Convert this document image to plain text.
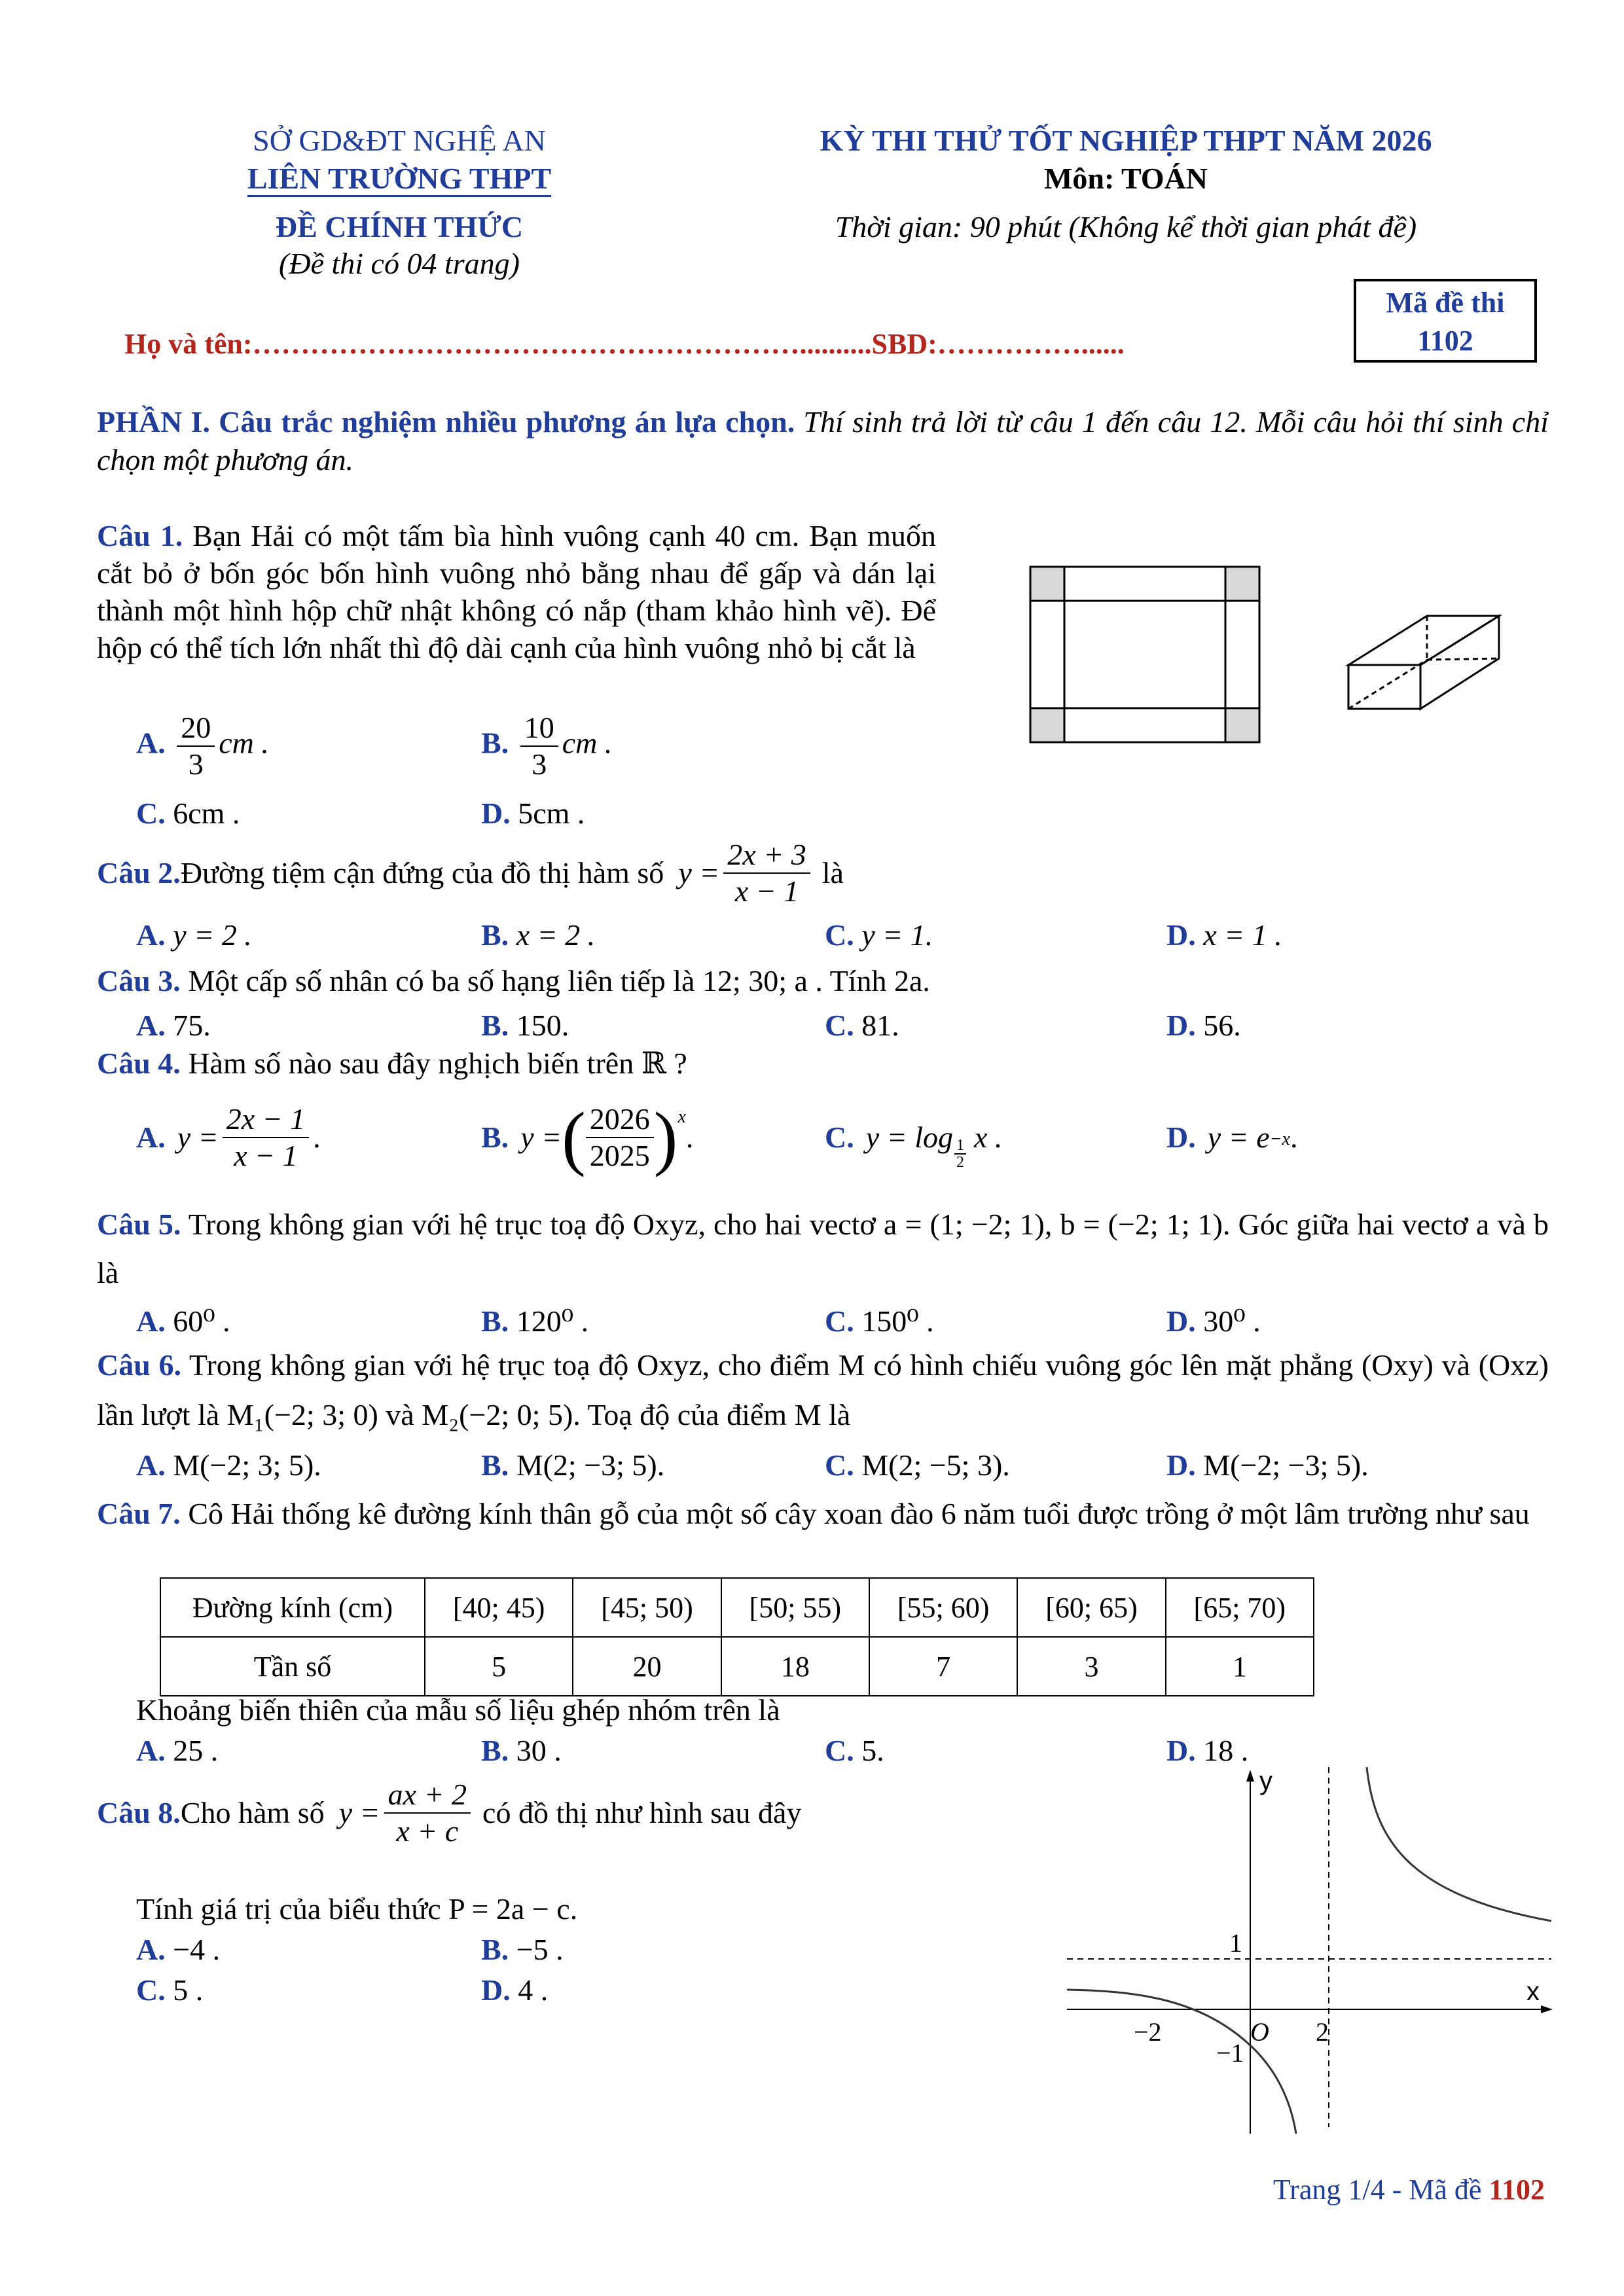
SỞ GD&ĐT NGHỆ AN
LIÊN TRƯỜNG THPT
ĐỀ CHÍNH THỨC
(Đề thi có 04 trang)
KỲ THI THỬ TỐT NGHIỆP THPT NĂM 2026
Môn: TOÁN
Thời gian: 90 phút (Không kể thời gian phát đề)
Họ và tên:…………………………………………………..........SBD:……………......
Mã đề thi
1102
PHẦN I. Câu trắc nghiệm nhiều phương án lựa chọn. Thí sinh trả lời từ câu 1 đến câu 12. Mỗi câu hỏi thí sinh chỉ chọn một phương án.
Câu 1. Bạn Hải có một tấm bìa hình vuông cạnh 40 cm. Bạn muốn cắt bỏ ở bốn góc bốn hình vuông nhỏ bằng nhau để gấp và dán lại thành một hình hộp chữ nhật không có nắp (tham khảo hình vẽ). Để hộp có thể tích lớn nhất thì độ dài cạnh của hình vuông nhỏ bị cắt là
A. $\frac{20}{3}$ cm .	B. $\frac{10}{3}$ cm .
C. 6cm .	D. 5cm .
Câu 2. Đường tiệm cận đứng của đồ thị hàm số $y = \frac{2x + 3}{x - 1}$ là
A. y = 2 .	B. x = 2 .	C. y = 1.	D. x = 1 .
Câu 3. Một cấp số nhân có ba số hạng liên tiếp là 12; 30; a . Tính 2a.
A. 75.	B. 150.	C. 81.	D. 56.
Câu 4. Hàm số nào sau đây nghịch biến trên ℝ ?
A. $y = \frac{2x - 1}{x - 1}$ .	B. y = ( $\frac{2026}{2025}$ ) x
.	C. $y = \log \frac{1}{2}$ x .	D. y = e −x .
Câu 5. Trong không gian với hệ trục toạ độ Oxyz, cho hai vectơ a = (1; −2; 1), b = (−2; 1; 1). Góc giữa hai vectơ a và b là
A. 60⁰ .	B. 120⁰ .	C. 150⁰ .	D. 30⁰ .
Câu 6. Trong không gian với hệ trục toạ độ Oxyz, cho điểm M có hình chiếu vuông góc lên mặt phẳng (Oxy) và (Oxz) lần lượt là M₁(−2; 3; 0) và M₂(−2; 0; 5). Toạ độ của điểm M là
A. M(−2; 3; 5).	B. M(2; −3; 5).	C. M(2; −5; 3).	D. M(−2; −3; 5).
Câu 7. Cô Hải thống kê đường kính thân gỗ của một số cây xoan đào 6 năm tuổi được trồng ở một lâm trường như sau
Đường kính (cm)	[40; 45)	[45; 50)	[50; 55)	[55; 60)	[60; 65)	[65; 70)
Tần số	5	20	18	7	3	1
Khoảng biến thiên của mẫu số liệu ghép nhóm trên là
A. 25 .	B. 30 .	C. 5.	D. 18 .
Câu 8. Cho hàm số $y = \frac{ax + 2}{x + c}$ có đồ thị như hình sau đây
Tính giá trị của biểu thức P = 2a − c.
A. −4 .	B. −5 .
C. 5 .	D. 4 .
y
x
O
−2	2
1
−1
Trang 1/4 - Mã đề 1102
